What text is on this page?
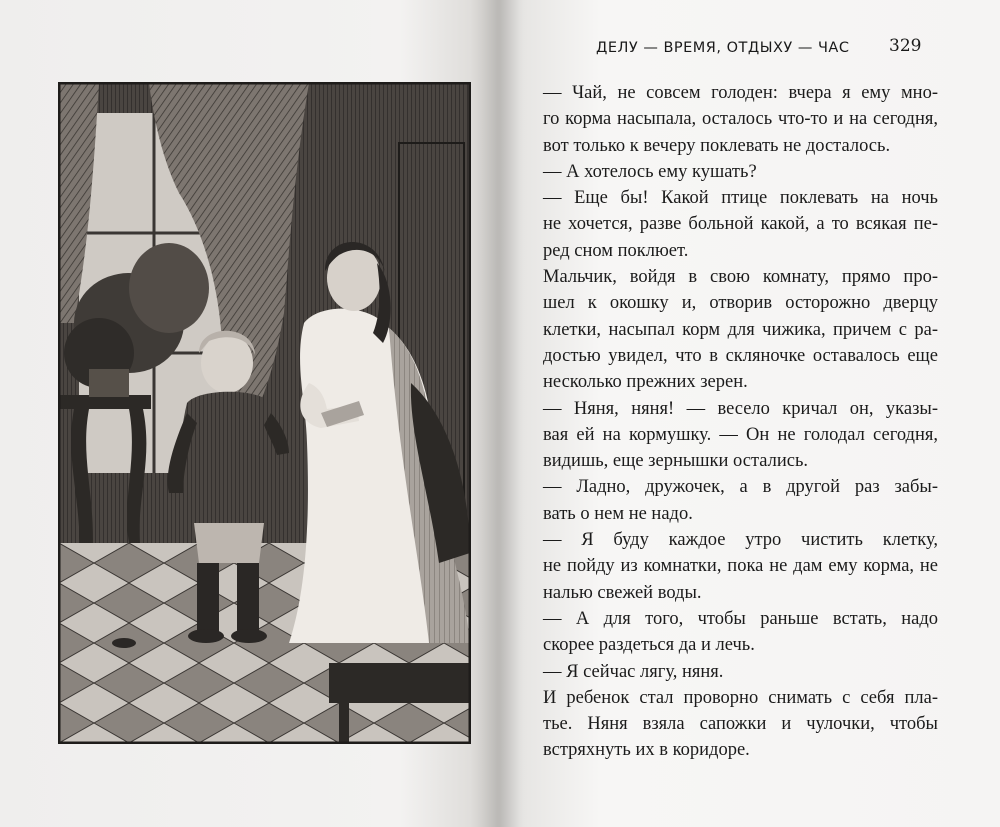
ДЕЛУ — ВРЕМЯ, ОТДЫХУ — ЧАС 329
— Чай, не совсем голоден: вчера я ему мно-
го корма насыпала, осталось что-то и на сегодня,
вот только к вечеру поклевать не досталось.
— А хотелось ему кушать?
— Еще бы! Какой птице поклевать на ночь
не хочется, разве больной какой, а то всякая пе-
ред сном поклюет.
Мальчик, войдя в свою комнату, прямо про-
шел к окошку и, отворив осторожно дверцу
клетки, насыпал корм для чижика, причем с ра-
достью увидел, что в скляночке оставалось еще
несколько прежних зерен.
— Няня, няня! — весело кричал он, указы-
вая ей на кормушку. — Он не голодал сегодня,
видишь, еще зернышки остались.
— Ладно, дружочек, а в другой раз забы-
вать о нем не надо.
— Я буду каждое утро чистить клетку,
не пойду из комнатки, пока не дам ему корма, не
налью свежей воды.
— А для того, чтобы раньше встать, надо
скорее раздеться да и лечь.
— Я сейчас лягу, няня.
И ребенок стал проворно снимать с себя пла-
тье. Няня взяла сапожки и чулочки, чтобы
встряхнуть их в коридоре.
